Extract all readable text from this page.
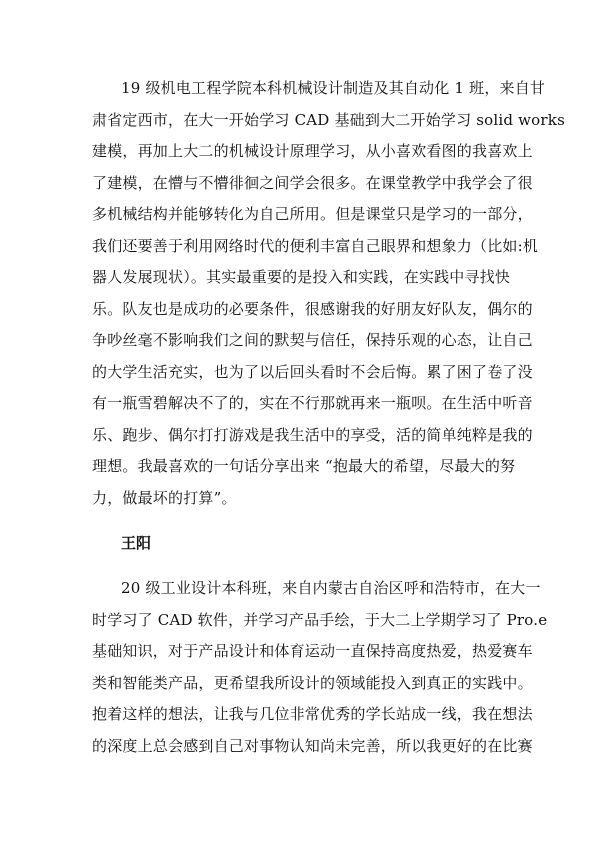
19 级机电工程学院本科机械设计制造及其自动化 1 班，来自甘
肃省定西市，在大一开始学习 CAD 基础到大二开始学习 solid works
建模，再加上大二的机械设计原理学习，从小喜欢看图的我喜欢上
了建模，在懵与不懵徘徊之间学会很多。在课堂教学中我学会了很
多机械结构并能够转化为自己所用。但是课堂只是学习的一部分，
我们还要善于利用网络时代的便利丰富自己眼界和想象力（比如:机
器人发展现状）。其实最重要的是投入和实践，在实践中寻找快
乐。队友也是成功的必要条件，很感谢我的好朋友好队友，偶尔的
争吵丝毫不影响我们之间的默契与信任，保持乐观的心态，让自己
的大学生活充实，也为了以后回头看时不会后悔。累了困了卷了没
有一瓶雪碧解决不了的，实在不行那就再来一瓶呗。在生活中听音
乐、跑步、偶尔打打游戏是我生活中的享受，活的简单纯粹是我的
理想。我最喜欢的一句话分享出来 “抱最大的希望，尽最大的努
力，做最坏的打算”。
王阳
20 级工业设计本科班，来自内蒙古自治区呼和浩特市，在大一
时学习了 CAD 软件，并学习产品手绘，于大二上学期学习了 Pro.e
基础知识，对于产品设计和体育运动一直保持高度热爱，热爱赛车
类和智能类产品，更希望我所设计的领域能投入到真正的实践中。
抱着这样的想法，让我与几位非常优秀的学长站成一线，我在想法
的深度上总会感到自己对事物认知尚未完善，所以我更好的在比赛
